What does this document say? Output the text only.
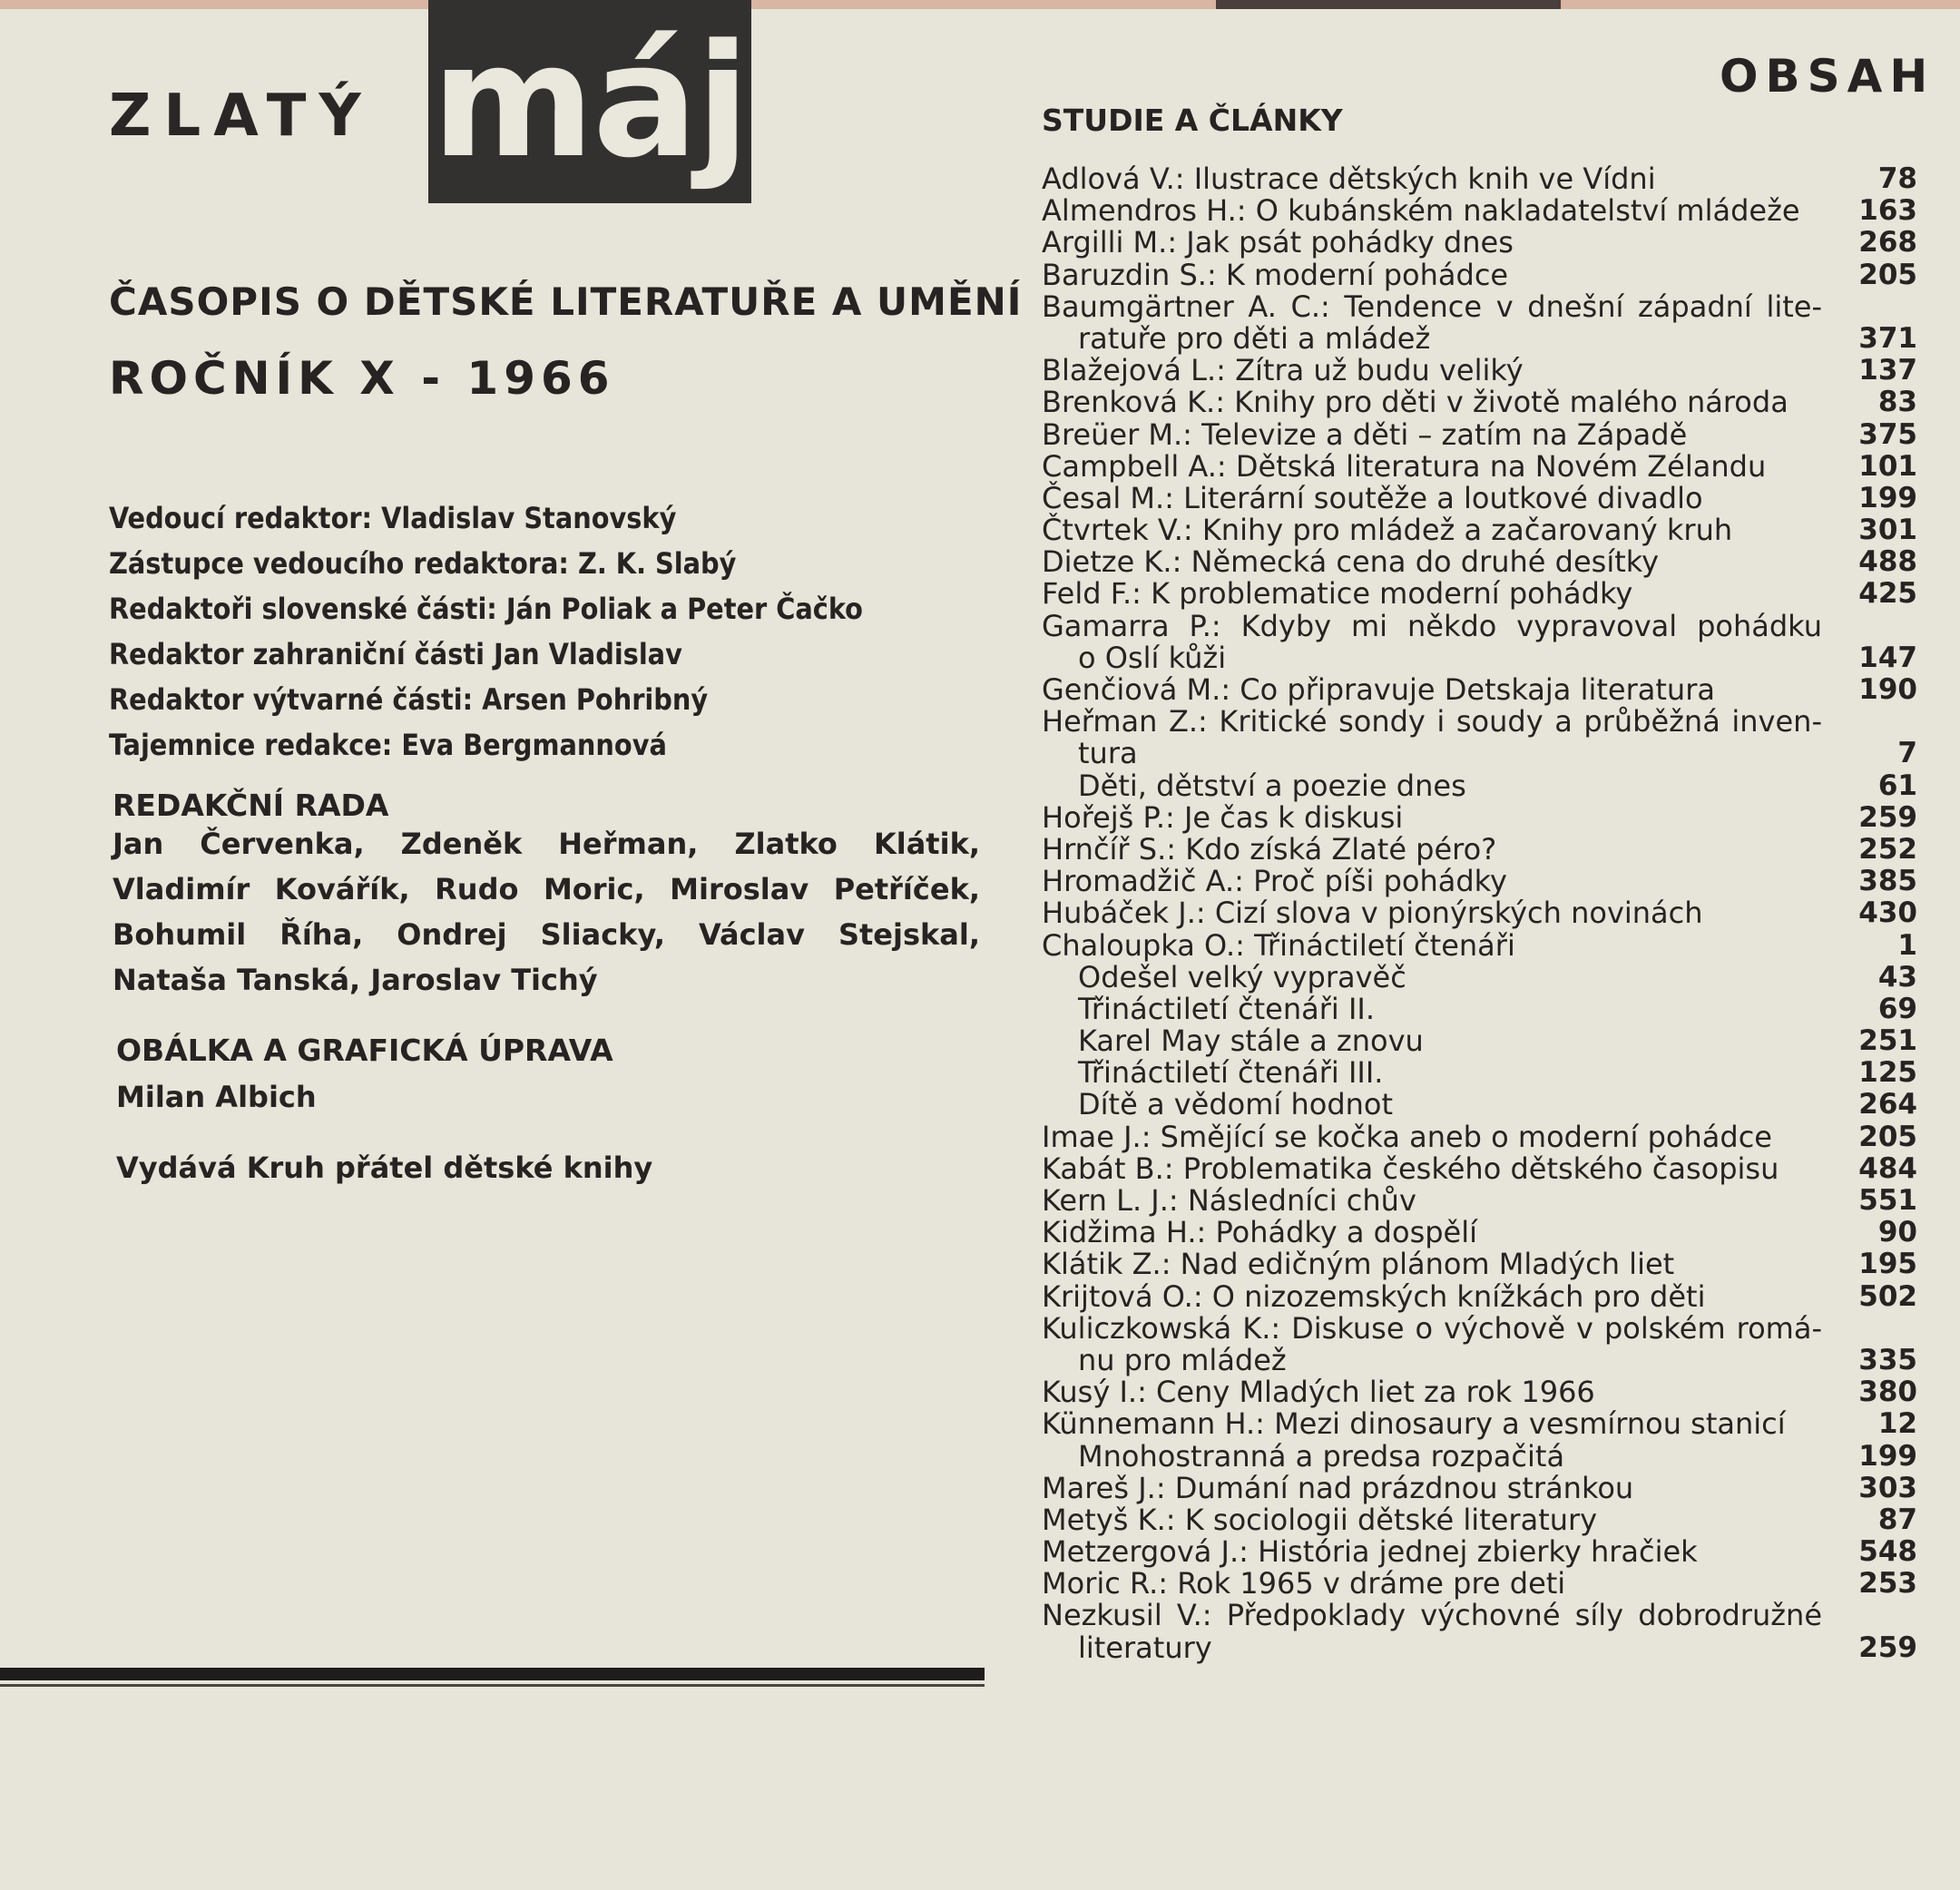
ZLATÝ máj
ČASOPIS O DĚTSKÉ LITERATUŘE A UMĚNÍ
ROČNÍK X - 1966
Vedoucí redaktor: Vladislav Stanovský
Zástupce vedoucího redaktora: Z. K. Slabý
Redaktoři slovenské části: Ján Poliak a Peter Čačko
Redaktor zahraniční části Jan Vladislav
Redaktor výtvarné části: Arsen Pohribný
Tajemnice redakce: Eva Bergmannová
REDAKČNÍ RADA
Jan Červenka, Zdeněk Heřman, Zlatko Klátik, Vladimír Kovářík, Rudo Moric, Miroslav Petříček, Bohumil Říha, Ondrej Sliacky, Václav Stejskal, Nataša Tanská, Jaroslav Tichý
OBÁLKA A GRAFICKÁ ÚPRAVA
Milan Albich
Vydává Kruh přátel dětské knihy
OBSAH
STUDIE A ČLÁNKY
Adlová V.: Ilustrace dětských knih ve Vídni	78
Almendros H.: O kubánském nakladatelství mládeže	163
Argilli M.: Jak psát pohádky dnes	268
Baruzdin S.: K moderní pohádce	205
Baumgärtner A. C.: Tendence v dnešní západní lite-
ratuře pro děti a mládež	371
Blažejová L.: Zítra už budu veliký	137
Brenková K.: Knihy pro děti v životě malého národa	83
Breüer M.: Televize a děti – zatím na Západě	375
Campbell A.: Dětská literatura na Novém Zélandu	101
Česal M.: Literární soutěže a loutkové divadlo	199
Čtvrtek V.: Knihy pro mládež a začarovaný kruh	301
Dietze K.: Německá cena do druhé desítky	488
Feld F.: K problematice moderní pohádky	425
Gamarra P.: Kdyby mi někdo vypravoval pohádku
o Oslí kůži	147
Genčiová M.: Co připravuje Detskaja literatura	190
Heřman Z.: Kritické sondy i soudy a průběžná inven-
tura	7
Děti, dětství a poezie dnes	61
Hořejš P.: Je čas k diskusi	259
Hrnčíř S.: Kdo získá Zlaté péro?	252
Hromadžič A.: Proč píši pohádky	385
Hubáček J.: Cizí slova v pionýrských novinách	430
Chaloupka O.: Třináctiletí čtenáři	1
Odešel velký vypravěč	43
Třináctiletí čtenáři II.	69
Karel May stále a znovu	251
Třináctiletí čtenáři III.	125
Dítě a vědomí hodnot	264
Imae J.: Smějící se kočka aneb o moderní pohádce	205
Kabát B.: Problematika českého dětského časopisu	484
Kern L. J.: Následníci chův	551
Kidžima H.: Pohádky a dospělí	90
Klátik Z.: Nad edičným plánom Mladých liet	195
Krijtová O.: O nizozemských knížkách pro děti	502
Kuliczkowská K.: Diskuse o výchově v polském romá-
nu pro mládež	335
Kusý I.: Ceny Mladých liet za rok 1966	380
Künnemann H.: Mezi dinosaury a vesmírnou stanicí	12
Mnohostranná a predsa rozpačitá	199
Mareš J.: Dumání nad prázdnou stránkou	303
Metyš K.: K sociologii dětské literatury	87
Metzergová J.: História jednej zbierky hračiek	548
Moric R.: Rok 1965 v dráme pre deti	253
Nezkusil V.: Předpoklady výchovné síly dobrodružné
literatury	259
